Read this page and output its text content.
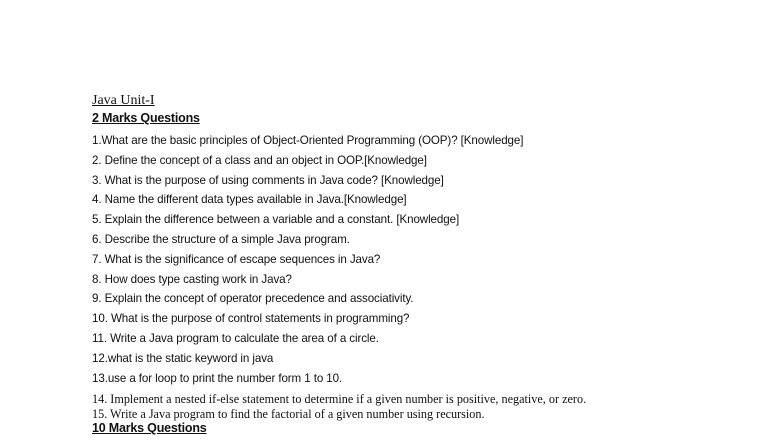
Java Unit-I
2 Marks Questions
1.What are the basic principles of Object-Oriented Programming (OOP)? [Knowledge]
2. Define the concept of a class and an object in OOP.[Knowledge]
3. What is the purpose of using comments in Java code? [Knowledge]
4. Name the different data types available in Java.[Knowledge]
5. Explain the difference between a variable and a constant. [Knowledge]
6. Describe the structure of a simple Java program.
7. What is the significance of escape sequences in Java?
8. How does type casting work in Java?
9. Explain the concept of operator precedence and associativity.
10. What is the purpose of control statements in programming?
11. Write a Java program to calculate the area of a circle.
12.what is the static keyword in java
13.use a for loop to print the number form 1 to 10.
14. Implement a nested if-else statement to determine if a given number is positive, negative, or zero.
15. Write a Java program to find the factorial of a given number using recursion.
10 Marks Questions
